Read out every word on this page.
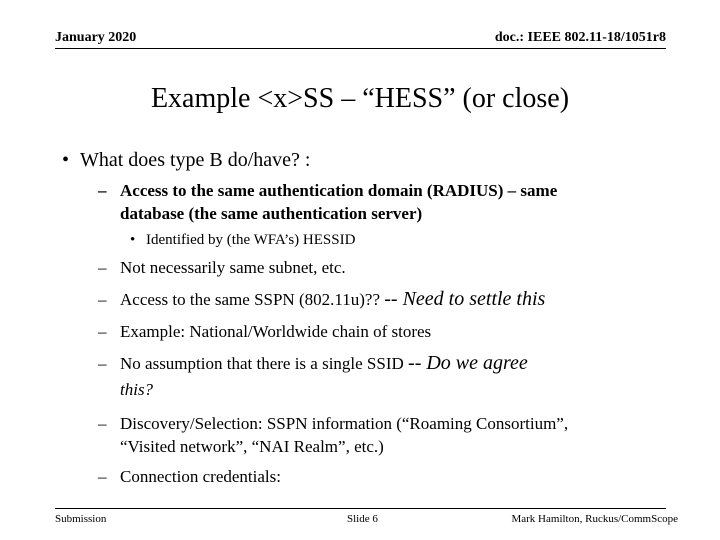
January 2020	doc.: IEEE 802.11-18/1051r8
Example <x>SS – “HESS” (or close)
• What does type B do/have? :
– Access to the same authentication domain (RADIUS) – same
database (the same authentication server)
• Identified by (the WFA’s) HESSID
– Not necessarily same subnet, etc.
– Access to the same SSPN (802.11u)?? -- Need to settle this
– Example: National/Worldwide chain of stores
– No assumption that there is a single SSID -- Do we agree
this?
– Discovery/Selection: SSPN information (“Roaming Consortium”,
“Visited network”, “NAI Realm”, etc.)
– Connection credentials:
Submission	Slide 6	Mark Hamilton, Ruckus/CommScope
